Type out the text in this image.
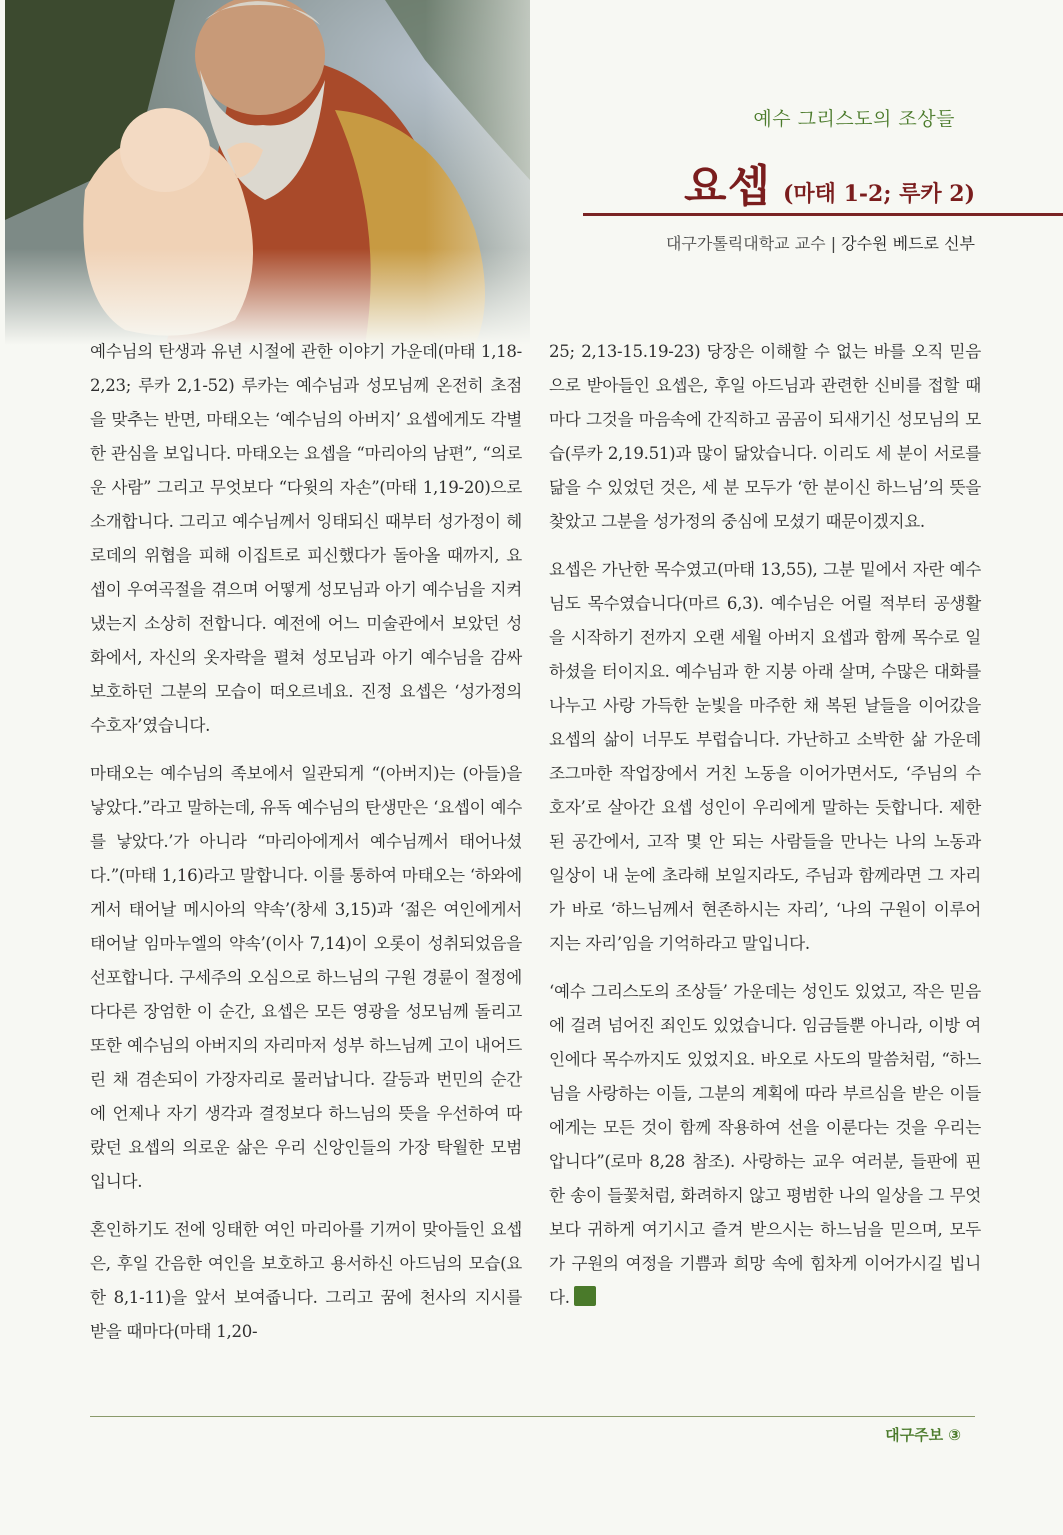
예수 그리스도의 조상들
요셉 (마태 1-2; 루카 2)
대구가톨릭대학교 교수 | 강수원 베드로 신부

예수님의 탄생과 유년 시절에 관한 이야기 가운데(마태 1,18-2,23; 루카 2,1-52) 루카는 예수님과 성모님께 온전히 초점을 맞추는 반면, 마태오는 ‘예수님의 아버지’ 요셉에게도 각별한 관심을 보입니다. 마태오는 요셉을 “마리아의 남편”, “의로운 사람” 그리고 무엇보다 “다윗의 자손”(마태 1,19-20)으로 소개합니다. 그리고 예수님께서 잉태되신 때부터 성가정이 헤로데의 위협을 피해 이집트로 피신했다가 돌아올 때까지, 요셉이 우여곡절을 겪으며 어떻게 성모님과 아기 예수님을 지켜냈는지 소상히 전합니다. 예전에 어느 미술관에서 보았던 성화에서, 자신의 옷자락을 펼쳐 성모님과 아기 예수님을 감싸 보호하던 그분의 모습이 떠오르네요. 진정 요셉은 ‘성가정의 수호자’였습니다.

마태오는 예수님의 족보에서 일관되게 “(아버지)는 (아들)을 낳았다.”라고 말하는데, 유독 예수님의 탄생만은 ‘요셉이 예수를 낳았다.’가 아니라 “마리아에게서 예수님께서 태어나셨다.”(마태 1,16)라고 말합니다. 이를 통하여 마태오는 ‘하와에게서 태어날 메시아의 약속’(창세 3,15)과 ‘젊은 여인에게서 태어날 임마누엘의 약속’(이사 7,14)이 오롯이 성취되었음을 선포합니다. 구세주의 오심으로 하느님의 구원 경륜이 절정에 다다른 장엄한 이 순간, 요셉은 모든 영광을 성모님께 돌리고 또한 예수님의 아버지의 자리마저 성부 하느님께 고이 내어드린 채 겸손되이 가장자리로 물러납니다. 갈등과 번민의 순간에 언제나 자기 생각과 결정보다 하느님의 뜻을 우선하여 따랐던 요셉의 의로운 삶은 우리 신앙인들의 가장 탁월한 모범입니다.

혼인하기도 전에 잉태한 여인 마리아를 기꺼이 맞아들인 요셉은, 후일 간음한 여인을 보호하고 용서하신 아드님의 모습(요한 8,1-11)을 앞서 보여줍니다. 그리고 꿈에 천사의 지시를 받을 때마다(마태 1,20-

25; 2,13-15.19-23) 당장은 이해할 수 없는 바를 오직 믿음으로 받아들인 요셉은, 후일 아드님과 관련한 신비를 접할 때마다 그것을 마음속에 간직하고 곰곰이 되새기신 성모님의 모습(루카 2,19.51)과 많이 닮았습니다. 이리도 세 분이 서로를 닮을 수 있었던 것은, 세 분 모두가 ‘한 분이신 하느님’의 뜻을 찾았고 그분을 성가정의 중심에 모셨기 때문이겠지요.

요셉은 가난한 목수였고(마태 13,55), 그분 밑에서 자란 예수님도 목수였습니다(마르 6,3). 예수님은 어릴 적부터 공생활을 시작하기 전까지 오랜 세월 아버지 요셉과 함께 목수로 일하셨을 터이지요. 예수님과 한 지붕 아래 살며, 수많은 대화를 나누고 사랑 가득한 눈빛을 마주한 채 복된 날들을 이어갔을 요셉의 삶이 너무도 부럽습니다. 가난하고 소박한 삶 가운데 조그마한 작업장에서 거친 노동을 이어가면서도, ‘주님의 수호자’로 살아간 요셉 성인이 우리에게 말하는 듯합니다. 제한된 공간에서, 고작 몇 안 되는 사람들을 만나는 나의 노동과 일상이 내 눈에 초라해 보일지라도, 주님과 함께라면 그 자리가 바로 ‘하느님께서 현존하시는 자리’, ‘나의 구원이 이루어지는 자리’임을 기억하라고 말입니다.

‘예수 그리스도의 조상들’ 가운데는 성인도 있었고, 작은 믿음에 걸려 넘어진 죄인도 있었습니다. 임금들뿐 아니라, 이방 여인에다 목수까지도 있었지요. 바오로 사도의 말씀처럼, “하느님을 사랑하는 이들, 그분의 계획에 따라 부르심을 받은 이들에게는 모든 것이 함께 작용하여 선을 이룬다는 것을 우리는 압니다”(로마 8,28 참조). 사랑하는 교우 여러분, 들판에 핀 한 송이 들꽃처럼, 화려하지 않고 평범한 나의 일상을 그 무엇보다 귀하게 여기시고 즐겨 받으시는 하느님을 믿으며, 모두가 구원의 여정을 기쁨과 희망 속에 힘차게 이어가시길 빕니다.

대구주보 ③
